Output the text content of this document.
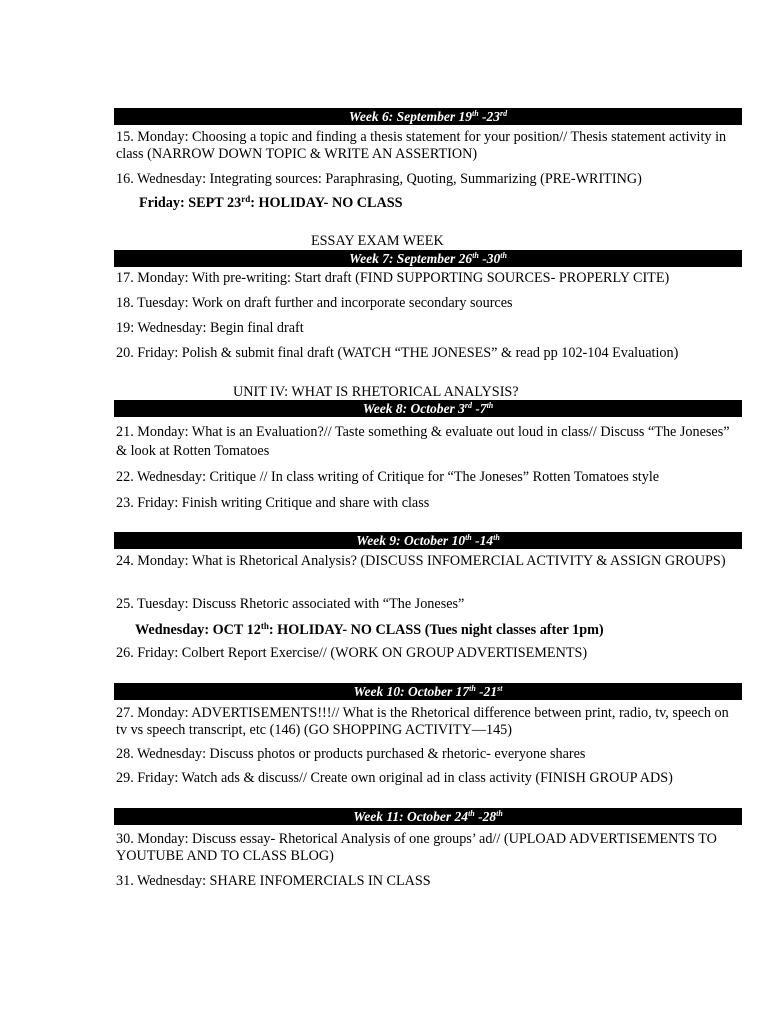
Week 6: September 19th -23rd
15. Monday: Choosing a topic and finding a thesis statement for your position// Thesis statement activity in class (NARROW DOWN TOPIC & WRITE AN ASSERTION)
16. Wednesday: Integrating sources: Paraphrasing, Quoting, Summarizing (PRE-WRITING)
Friday: SEPT 23rd: HOLIDAY- NO CLASS
ESSAY EXAM WEEK
Week 7: September 26th -30th
17. Monday: With pre-writing: Start draft (FIND SUPPORTING SOURCES- PROPERLY CITE)
18. Tuesday: Work on draft further and incorporate secondary sources
19: Wednesday: Begin final draft
20. Friday: Polish & submit final draft (WATCH “THE JONESES” & read pp 102-104 Evaluation)
UNIT IV: WHAT IS RHETORICAL ANALYSIS?
Week 8: October 3rd -7th
21. Monday: What is an Evaluation?// Taste something & evaluate out loud in class// Discuss “The Joneses” & look at Rotten Tomatoes
22. Wednesday: Critique // In class writing of Critique for “The Joneses” Rotten Tomatoes style
23. Friday: Finish writing Critique and share with class
Week 9: October 10th -14th
24. Monday: What is Rhetorical Analysis? (DISCUSS INFOMERCIAL ACTIVITY & ASSIGN GROUPS)
25. Tuesday: Discuss Rhetoric associated with “The Joneses”
Wednesday: OCT 12th: HOLIDAY- NO CLASS (Tues night classes after 1pm)
26. Friday: Colbert Report Exercise// (WORK ON GROUP ADVERTISEMENTS)
Week 10: October 17th -21st
27. Monday: ADVERTISEMENTS!!!// What is the Rhetorical difference between print, radio, tv, speech on tv vs speech transcript, etc (146) (GO SHOPPING ACTIVITY—145)
28. Wednesday: Discuss photos or products purchased & rhetoric- everyone shares
29. Friday: Watch ads & discuss// Create own original ad in class activity (FINISH GROUP ADS)
Week 11: October 24th -28th
30. Monday: Discuss essay- Rhetorical Analysis of one groups’ ad// (UPLOAD ADVERTISEMENTS TO YOUTUBE AND TO CLASS BLOG)
31. Wednesday: SHARE INFOMERCIALS IN CLASS
